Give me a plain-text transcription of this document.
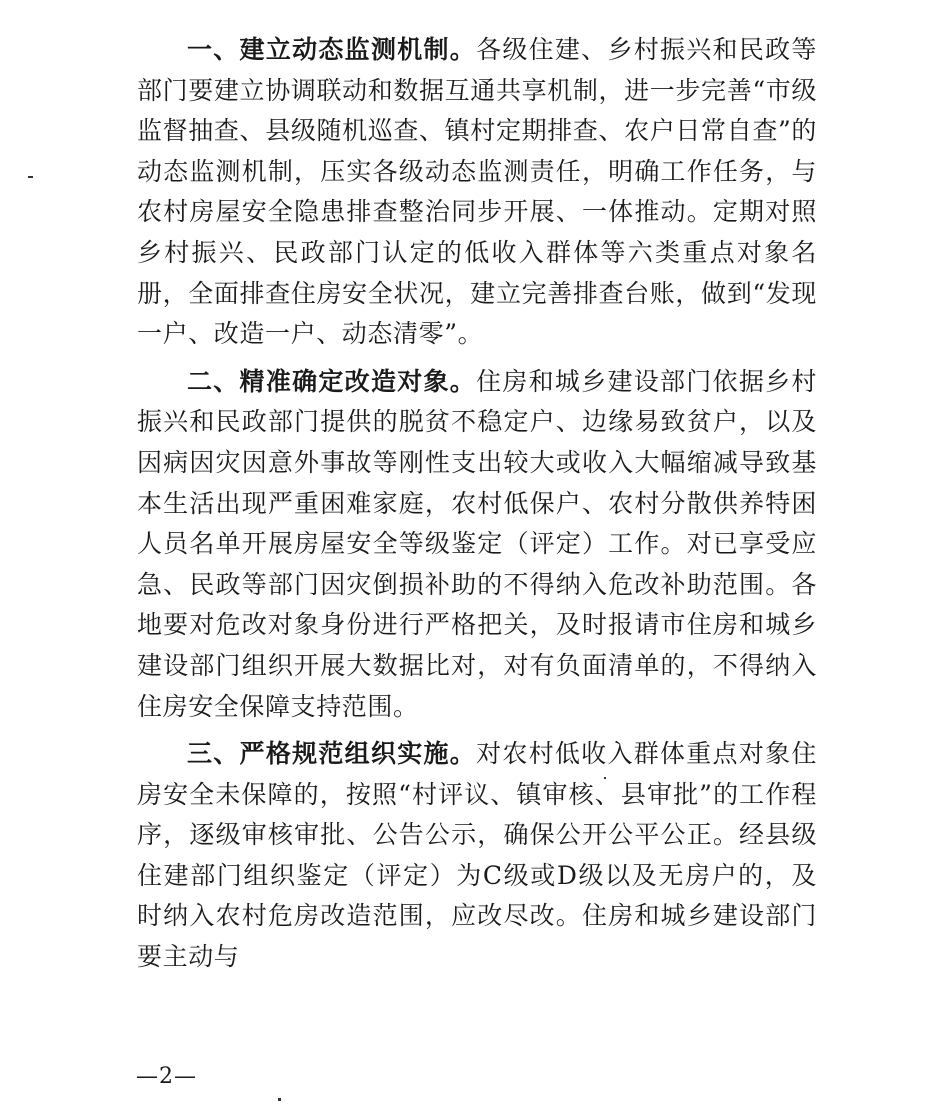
一、建立动态监测机制。各级住建、乡村振兴和民政等部门要建立协调联动和数据互通共享机制，进一步完善“市级监督抽查、县级随机巡查、镇村定期排查、农户日常自查”的动态监测机制，压实各级动态监测责任，明确工作任务，与农村房屋安全隐患排查整治同步开展、一体推动。定期对照乡村振兴、民政部门认定的低收入群体等六类重点对象名册，全面排查住房安全状况，建立完善排查台账，做到“发现一户、改造一户、动态清零”。

二、精准确定改造对象。住房和城乡建设部门依据乡村振兴和民政部门提供的脱贫不稳定户、边缘易致贫户，以及因病因灾因意外事故等刚性支出较大或收入大幅缩减导致基本生活出现严重困难家庭，农村低保户、农村分散供养特困人员名单开展房屋安全等级鉴定（评定）工作。对已享受应急、民政等部门因灾倒损补助的不得纳入危改补助范围。各地要对危改对象身份进行严格把关，及时报请市住房和城乡建设部门组织开展大数据比对，对有负面清单的，不得纳入住房安全保障支持范围。

三、严格规范组织实施。对农村低收入群体重点对象住房安全未保障的，按照“村评议、镇审核、县审批”的工作程序，逐级审核审批、公告公示，确保公开公平公正。经县级住建部门组织鉴定（评定）为C级或D级以及无房户的，及时纳入农村危房改造范围，应改尽改。住房和城乡建设部门要主动与

—2—
